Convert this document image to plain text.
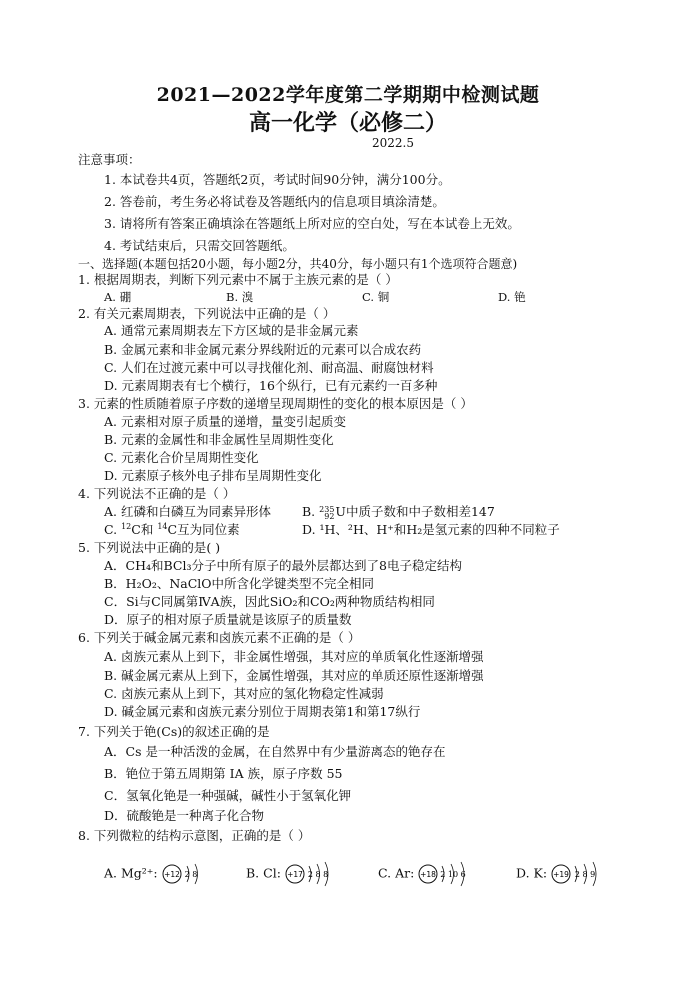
2021—2022学年度第二学期期中检测试题
高一化学（必修二）
2022.5
注意事项：
1. 本试卷共4页，答题纸2页，考试时间90分钟，满分100分。
2. 答卷前，考生务必将试卷及答题纸内的信息项目填涂清楚。
3. 请将所有答案正确填涂在答题纸上所对应的空白处，写在本试卷上无效。
4. 考试结束后，只需交回答题纸。
一、选择题(本题包括20小题，每小题2分，共40分，每小题只有1个选项符合题意)
1. 根据周期表，判断下列元素中不属于主族元素的是（ ）
A. 硼	B. 溴	C. 铜	D. 铯
2. 有关元素周期表，下列说法中正确的是（ ）
A. 通常元素周期表左下方区域的是非金属元素
B. 金属元素和非金属元素分界线附近的元素可以合成农药
C. 人们在过渡元素中可以寻找催化剂、耐高温、耐腐蚀材料
D. 元素周期表有七个横行，16个纵行，已有元素约一百多种
3. 元素的性质随着原子序数的递增呈现周期性的变化的根本原因是（ ）
A. 元素相对原子质量的递增，量变引起质变
B. 元素的金属性和非金属性呈周期性变化
C. 元素化合价呈周期性变化
D. 元素原子核外电子排布呈周期性变化
4. 下列说法不正确的是（ ）
A. 红磷和白磷互为同素异形体 B. 235
92 U中质子数和中子数相差147
C. $^{12}$C和 $^{14}$C互为同位素	D. ¹H、²H、H⁺和H₂是氢元素的四种不同粒子
5. 下列说法中正确的是( )
A．CH₄和BCl₃分子中所有原子的最外层都达到了8电子稳定结构
B．H₂O₂、NaClO中所含化学键类型不完全相同
C．Si与C同属第ⅣA族，因此SiO₂和CO₂两种物质结构相同
D．原子的相对原子质量就是该原子的质量数
6. 下列关于碱金属元素和卤族元素不正确的是（ ）
A. 卤族元素从上到下，非金属性增强，其对应的单质氧化性逐渐增强
B. 碱金属元素从上到下，金属性增强，其对应的单质还原性逐渐增强
C. 卤族元素从上到下，其对应的氢化物稳定性减弱
D. 碱金属元素和卤族元素分别位于周期表第1和第17纵行
7. 下列关于铯(Cs)的叙述正确的是
A．Cs 是一种活泼的金属，在自然界中有少量游离态的铯存在
B．铯位于第五周期第 IA 族，原子序数 55
C．氢氧化铯是一种强碱，碱性小于氢氧化钾
D．硫酸铯是一种离子化合物
8. 下列微粒的结构示意图，正确的是（ ）
A. Mg²⁺: +12 2 8	B. Cl: +17 2 8 8	C. Ar: +18 2 10 6	D. K: +19 2 8 9
